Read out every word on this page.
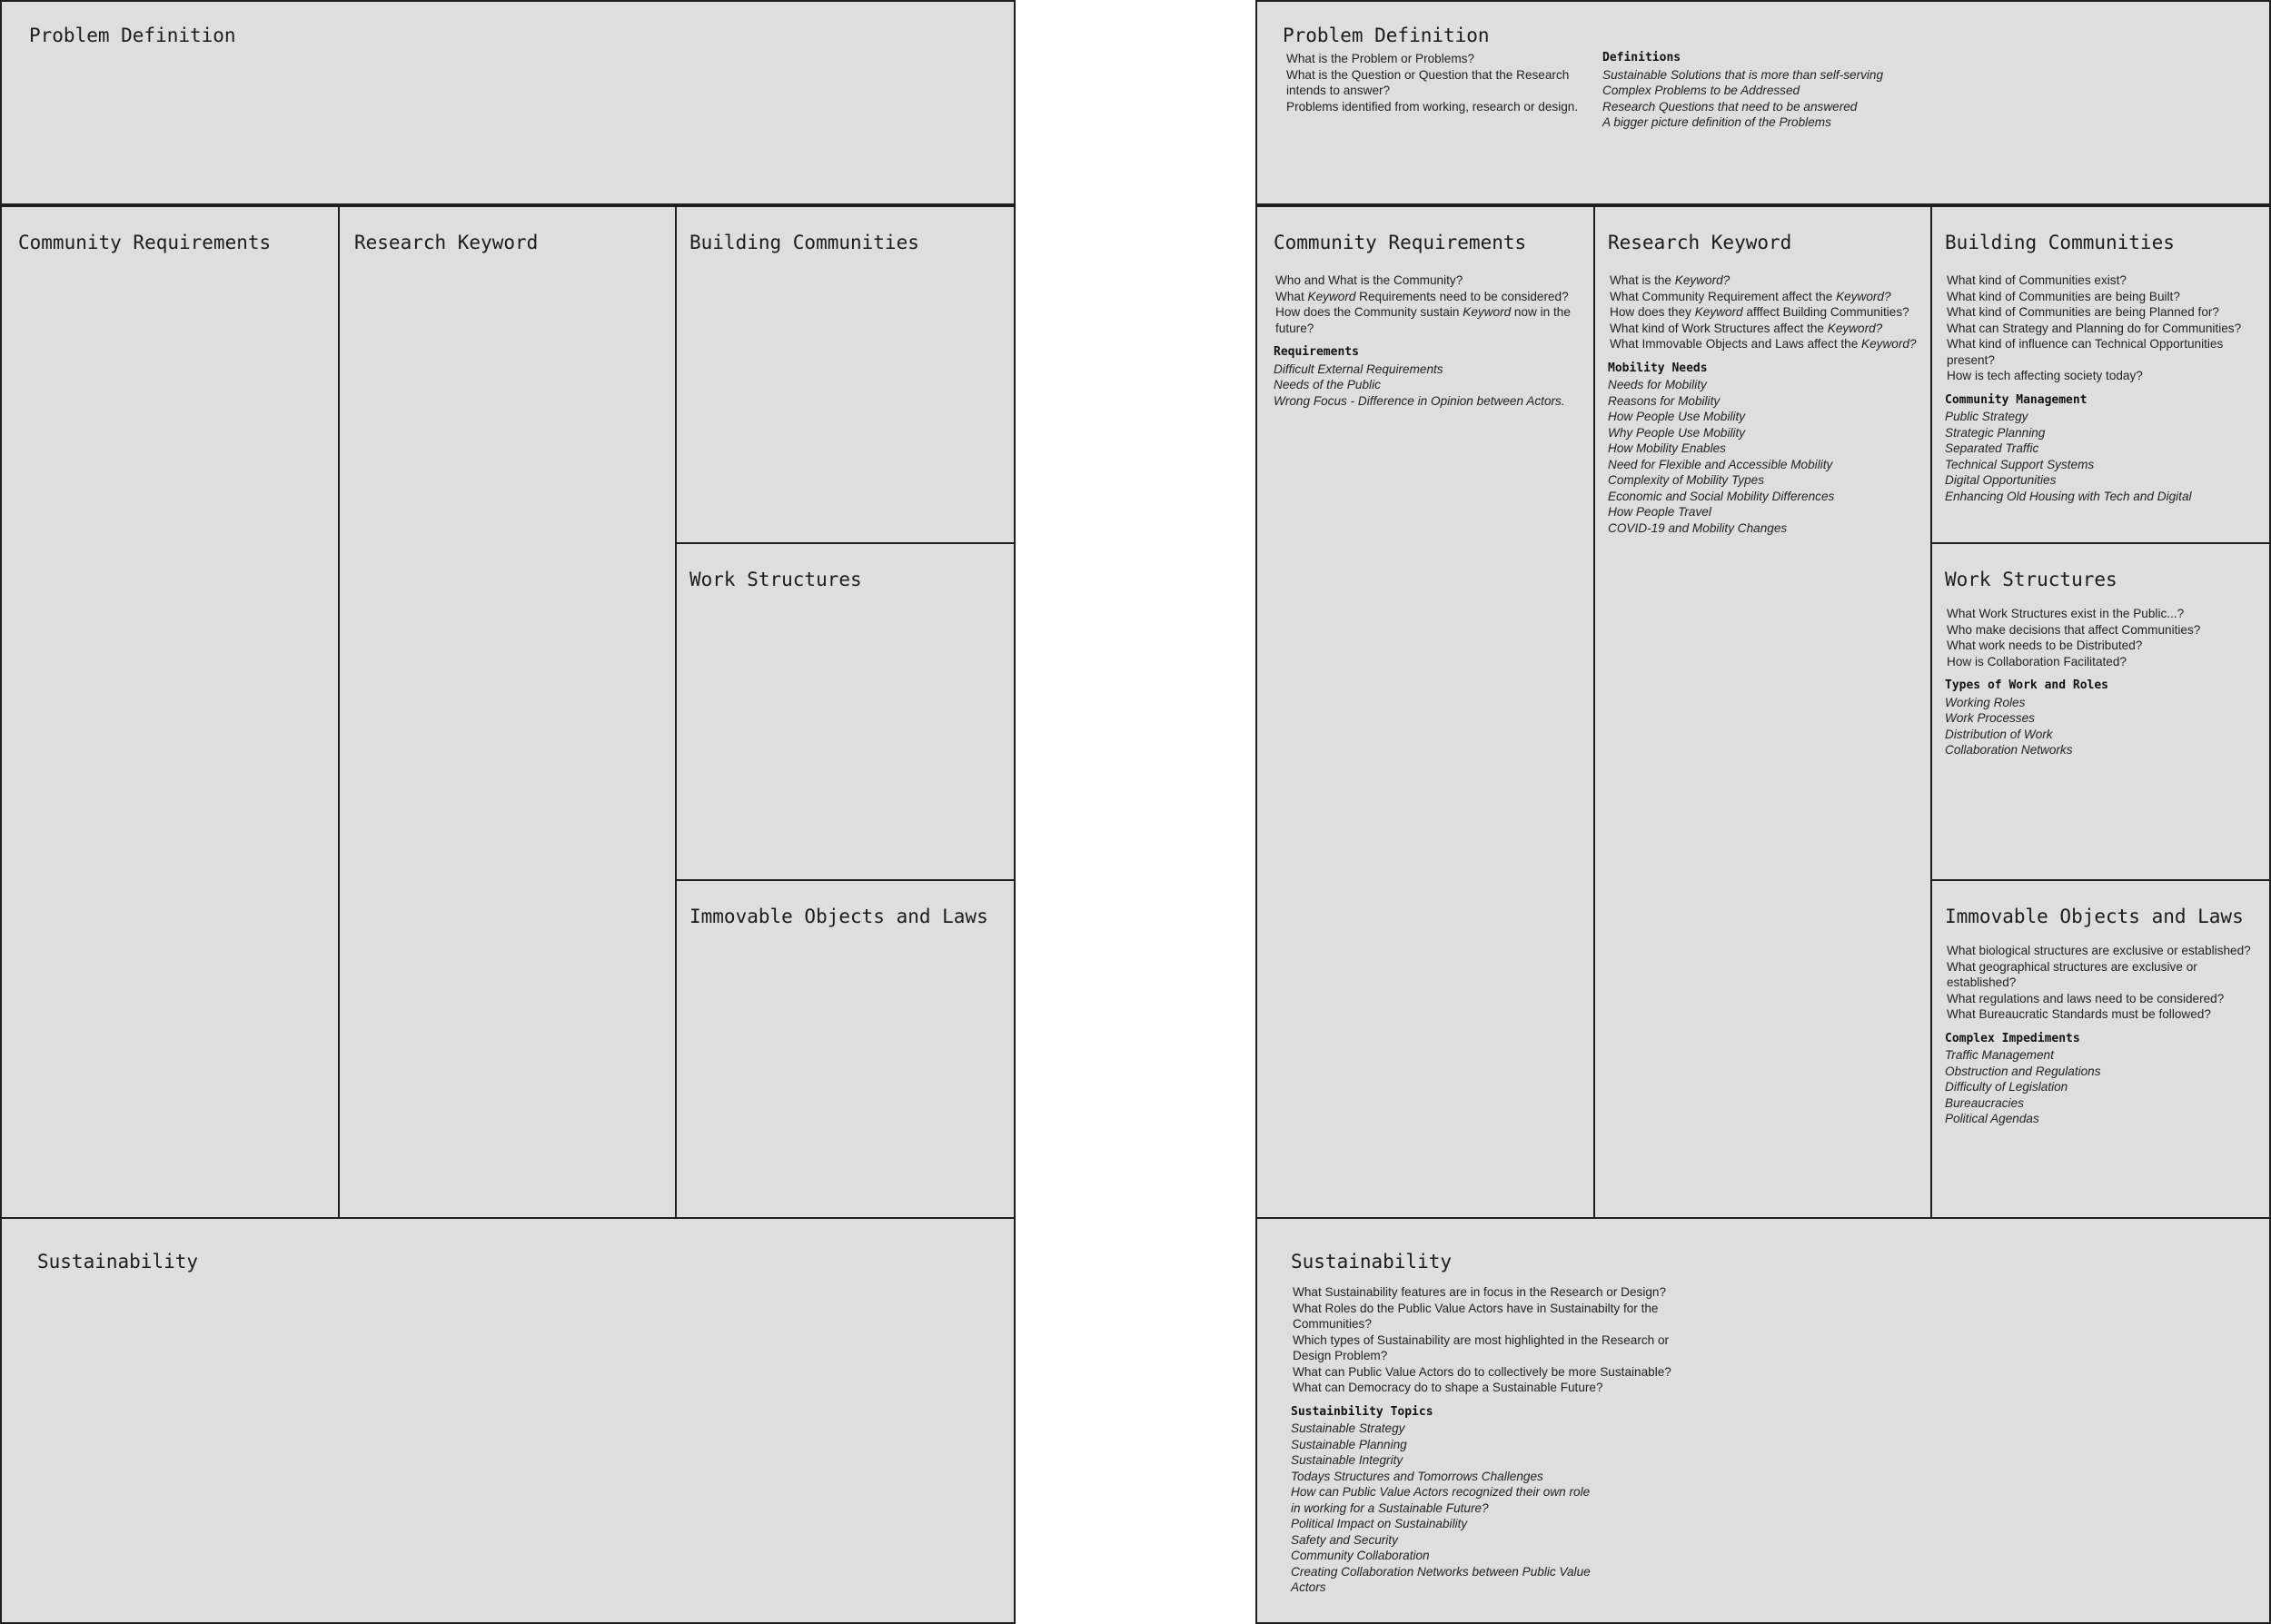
Problem Definition
Community Requirements	Research Keyword	Building Communities
Work Structures
Immovable Objects and Laws
Sustainability
Problem Definition
What is the Problem or Problems?
What is the Question or Question that the Research intends to answer?
Problems identified from working, research or design.
Definitions
Sustainable Solutions that is more than self-serving
Complex Problems to be Addressed
Research Questions that need to be answered
A bigger picture definition of the Problems
Community Requirements
Who and What is the Community?
What Keyword Requirements need to be considered?
How does the Community sustain Keyword now in the future?
Requirements
Difficult External Requirements
Needs of the Public
Wrong Focus - Difference in Opinion between Actors.
Research Keyword
What is the Keyword?
What Community Requirement affect the Keyword?
How does they Keyword afffect Building Communities?
What kind of Work Structures affect the Keyword?
What Immovable Objects and Laws affect the Keyword?
Mobility Needs
Needs for Mobility
Reasons for Mobility
How People Use Mobility
Why People Use Mobility
How Mobility Enables
Need for Flexible and Accessible Mobility
Complexity of Mobility Types
Economic and Social Mobility Differences
How People Travel
COVID-19 and Mobility Changes
Building Communities
What kind of Communities exist?
What kind of Communities are being Built?
What kind of Communities are being Planned for?
What can Strategy and Planning do for Communities?
What kind of influence can Technical Opportunities present?
How is tech affecting society today?
Community Management
Public Strategy
Strategic Planning
Separated Traffic
Technical Support Systems
Digital Opportunities
Enhancing Old Housing with Tech and Digital
Work Structures
What Work Structures exist in the Public...?
Who make decisions that affect Communities?
What work needs to be Distributed?
How is Collaboration Facilitated?
Types of Work and Roles
Working Roles
Work Processes
Distribution of Work
Collaboration Networks
Immovable Objects and Laws
What biological structures are exclusive or established?
What geographical structures are exclusive or established?
What regulations and laws need to be considered?
What Bureaucratic Standards must be followed?
Complex Impediments
Traffic Management
Obstruction and Regulations
Difficulty of Legislation
Bureaucracies
Political Agendas
Sustainability
What Sustainability features are in focus in the Research or Design?
What Roles do the Public Value Actors have in Sustainabilty for the Communities?
Which types of Sustainability are most highlighted in the Research or Design Problem?
What can Public Value Actors do to collectively be more Sustainable?
What can Democracy do to shape a Sustainable Future?
Sustainbility Topics
Sustainable Strategy
Sustainable Planning
Sustainable Integrity
Todays Structures and Tomorrows Challenges
How can Public Value Actors recognized their own role in working for a Sustainable Future?
Political Impact on Sustainability
Safety and Security
Community Collaboration
Creating Collaboration Networks between Public Value Actors
